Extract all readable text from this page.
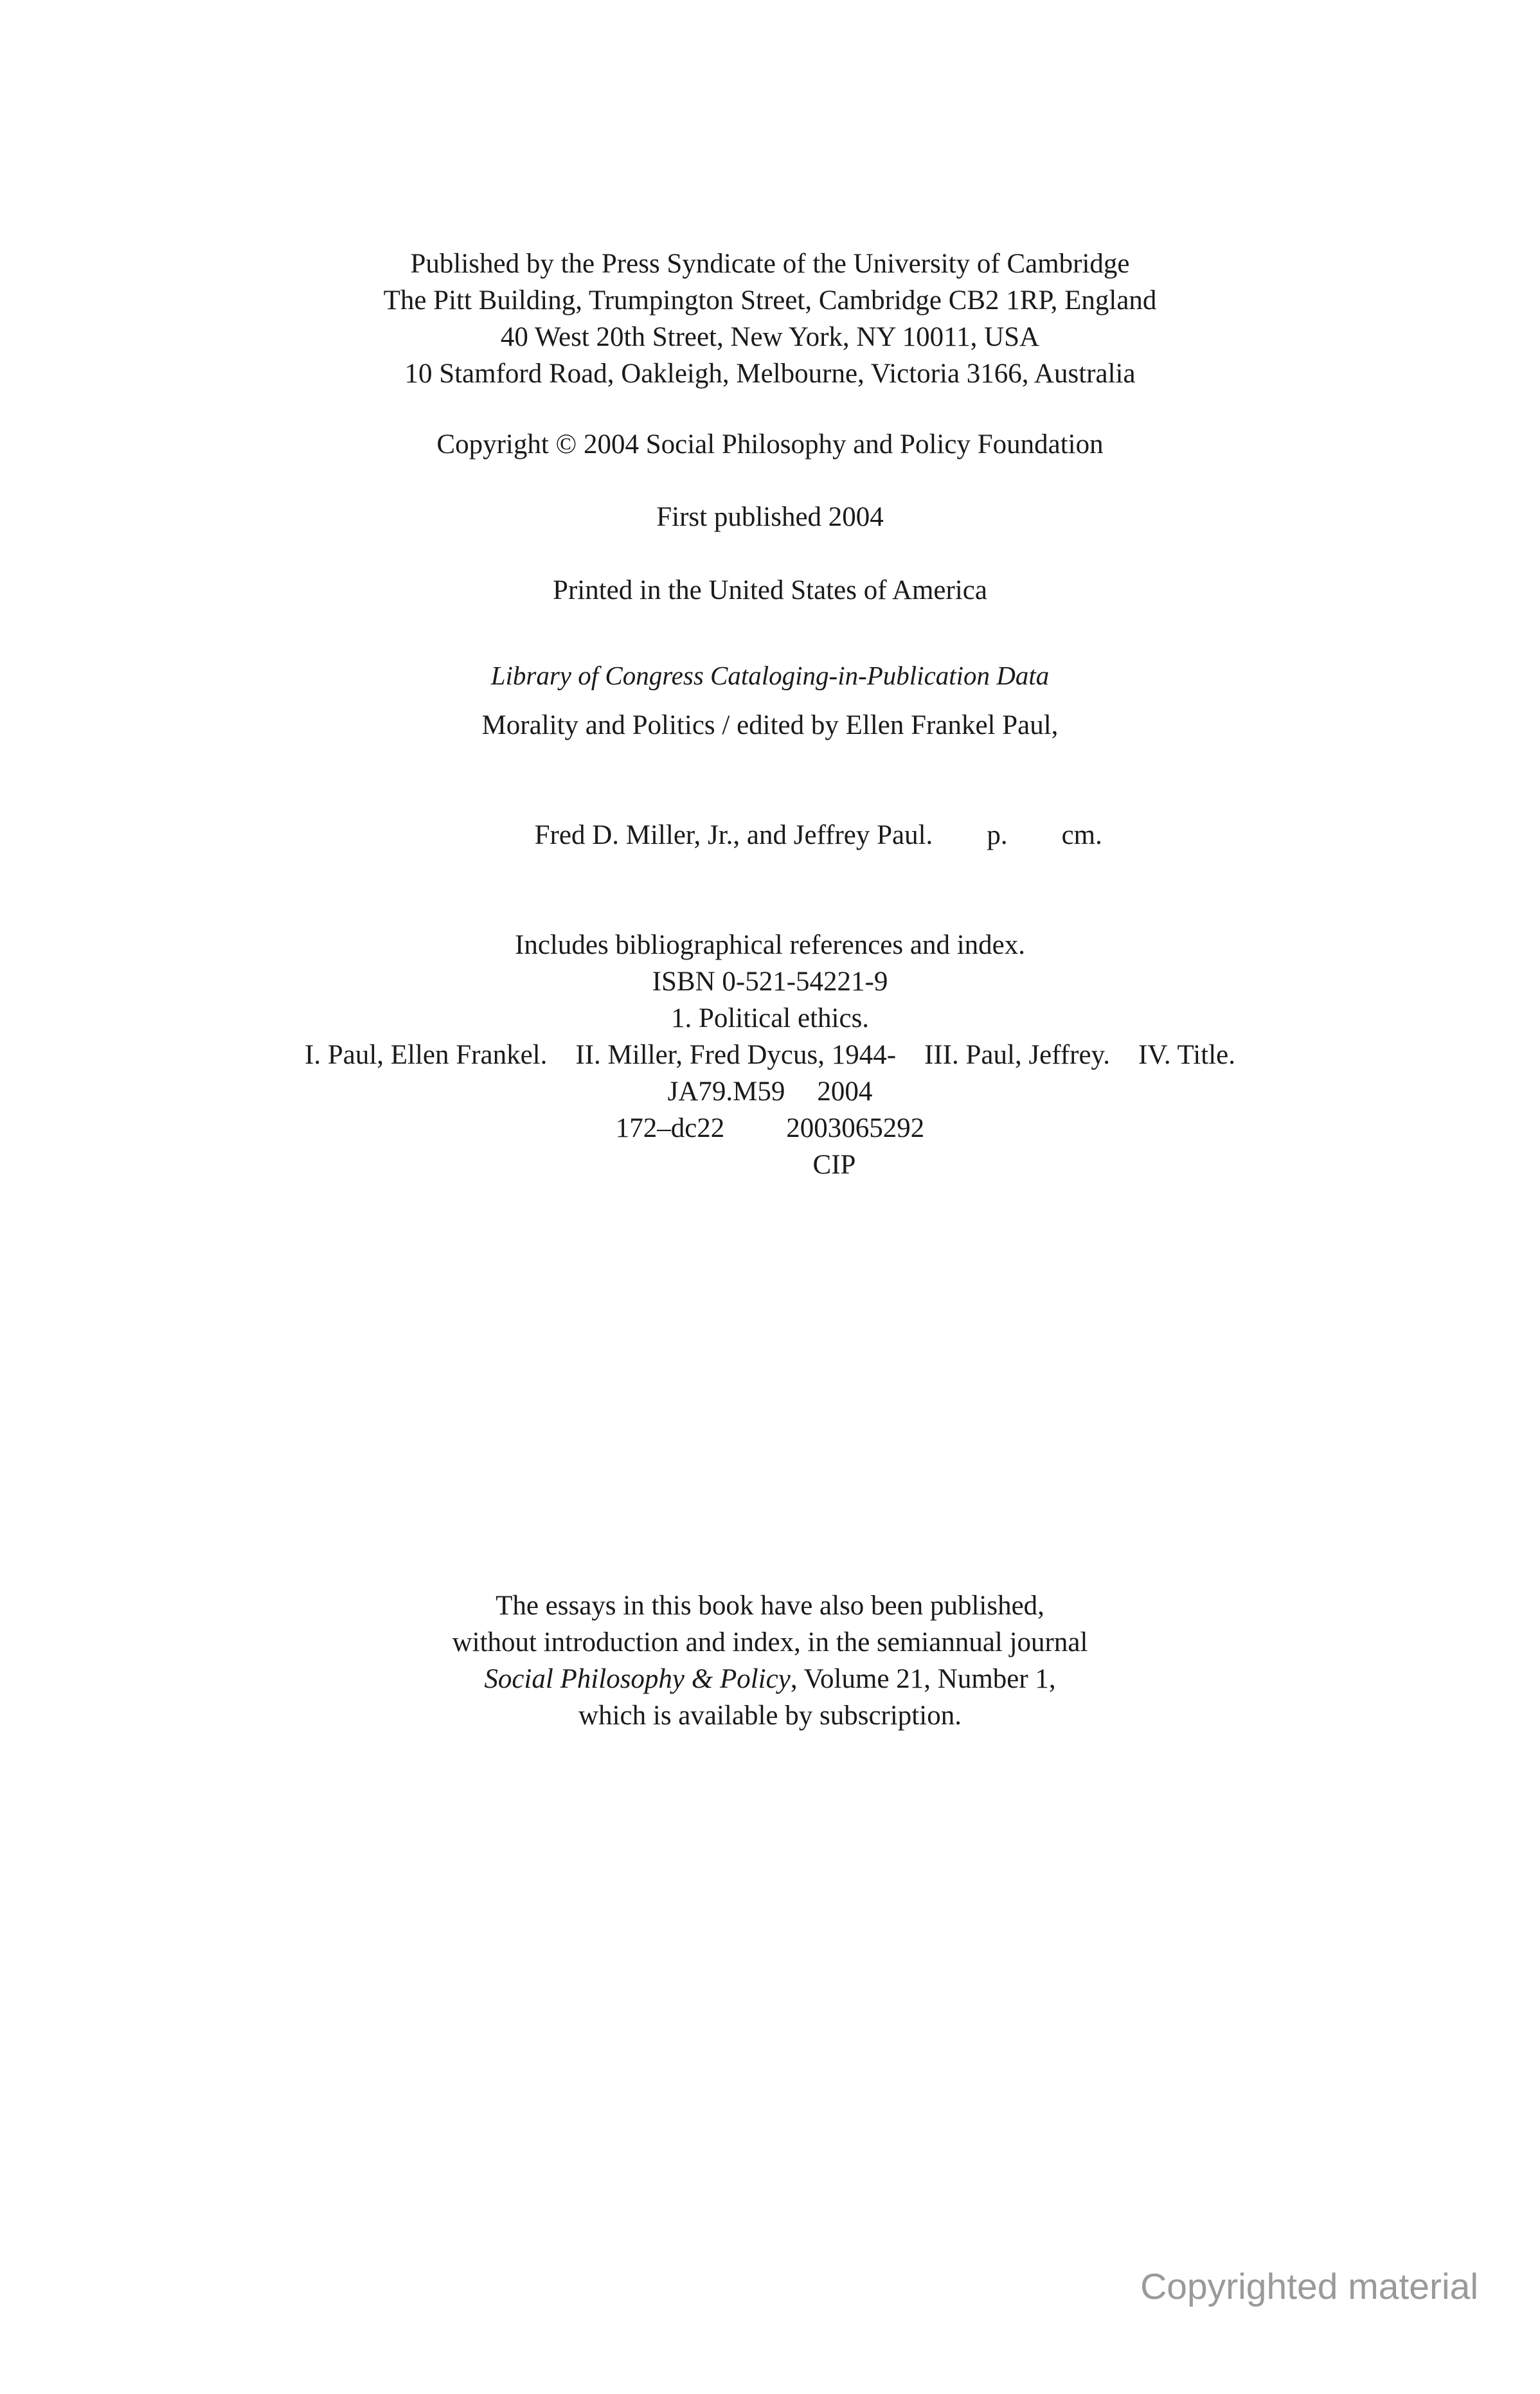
Published by the Press Syndicate of the University of Cambridge
The Pitt Building, Trumpington Street, Cambridge CB2 1RP, England
40 West 20th Street, New York, NY 10011, USA
10 Stamford Road, Oakleigh, Melbourne, Victoria 3166, Australia
Copyright © 2004 Social Philosophy and Policy Foundation
First published 2004
Printed in the United States of America
Library of Congress Cataloging-in-Publication Data
Morality and Politics / edited by Ellen Frankel Paul,

Fred D. Miller, Jr., and Jeffrey Paul. p. cm.

Includes bibliographical references and index.
ISBN 0-521-54221-9
1. Political ethics.
I. Paul, Ellen Frankel. II. Miller, Fred Dycus, 1944- III. Paul, Jeffrey. IV. Title.
JA79.M59 2004
172–dc22 2003065292
CIP
The essays in this book have also been published,
without introduction and index, in the semiannual journal
Social Philosophy & Policy, Volume 21, Number 1,
which is available by subscription.
Copyrighted material
